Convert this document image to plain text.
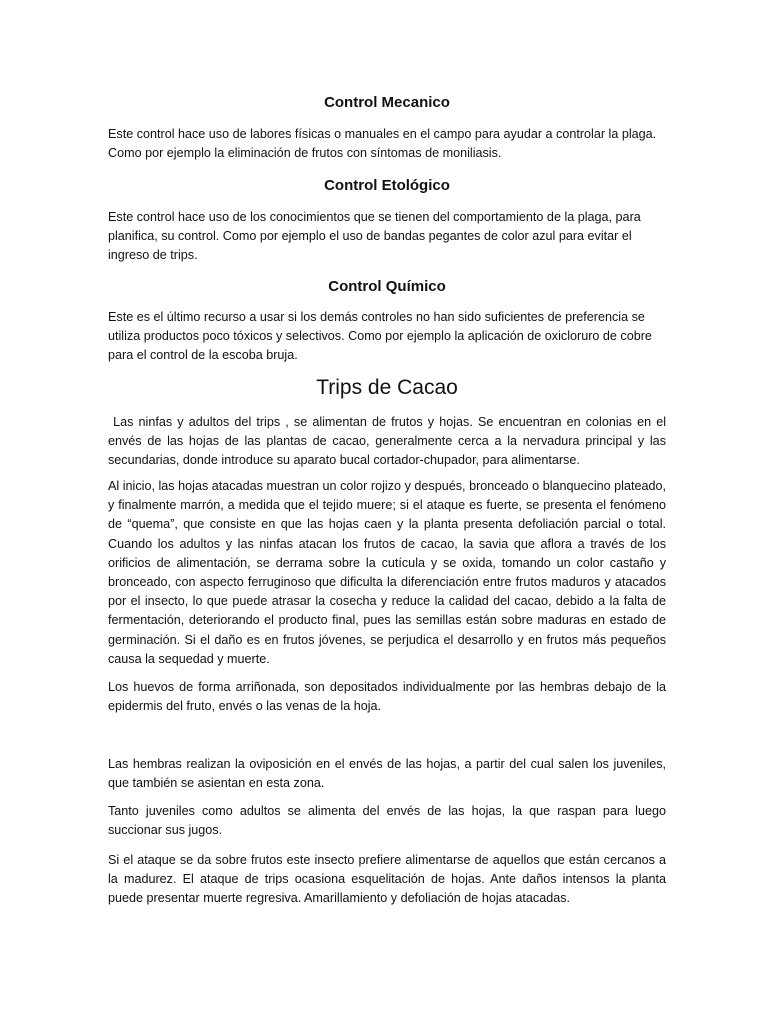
Control Mecanico

Este control hace uso de labores físicas o manuales en el campo para ayudar a controlar la plaga. Como por ejemplo la eliminación de frutos con síntomas de moniliasis.

Control Etológico

Este control hace uso de los conocimientos que se tienen del comportamiento de la plaga, para planifica, su control. Como por ejemplo el uso de bandas pegantes de color azul para evitar el ingreso de trips.

Control Químico

Este es el último recurso a usar si los demás controles no han sido suficientes de preferencia se utiliza productos poco tóxicos y selectivos. Como por ejemplo la aplicación de oxicloruro de cobre para el control de la escoba bruja.

Trips de Cacao

Las ninfas y adultos del trips , se alimentan de frutos y hojas. Se encuentran en colonias en el envés de las hojas de las plantas de cacao, generalmente cerca a la nervadura principal y las secundarias, donde introduce su aparato bucal cortador-chupador, para alimentarse.

Al inicio, las hojas atacadas muestran un color rojizo y después, bronceado o blanquecino plateado, y finalmente marrón, a medida que el tejido muere; si el ataque es fuerte, se presenta el fenómeno de “quema”, que consiste en que las hojas caen y la planta presenta defoliación parcial o total. Cuando los adultos y las ninfas atacan los frutos de cacao, la savia que aflora a través de los orificios de alimentación, se derrama sobre la cutícula y se oxida, tomando un color castaño y bronceado, con aspecto ferruginoso que dificulta la diferenciación entre frutos maduros y atacados por el insecto, lo que puede atrasar la cosecha y reduce la calidad del cacao, debido a la falta de fermentación, deteriorando el producto final, pues las semillas están sobre maduras en estado de germinación. Si el daño es en frutos jóvenes, se perjudica el desarrollo y en frutos más pequeños causa la sequedad y muerte.

Los huevos de forma arriñonada, son depositados individualmente por las hembras debajo de la epidermis del fruto, envés o las venas de la hoja.

Las hembras realizan la oviposición en el envés de las hojas, a partir del cual salen los juveniles, que también se asientan en esta zona.

Tanto juveniles como adultos se alimenta del envés de las hojas, la que raspan para luego succionar sus jugos.

Si el ataque se da sobre frutos este insecto prefiere alimentarse de aquellos que están cercanos a la madurez. El ataque de trips ocasiona esquelitación de hojas. Ante daños intensos la planta puede presentar muerte regresiva. Amarillamiento y defoliación de hojas atacadas.
